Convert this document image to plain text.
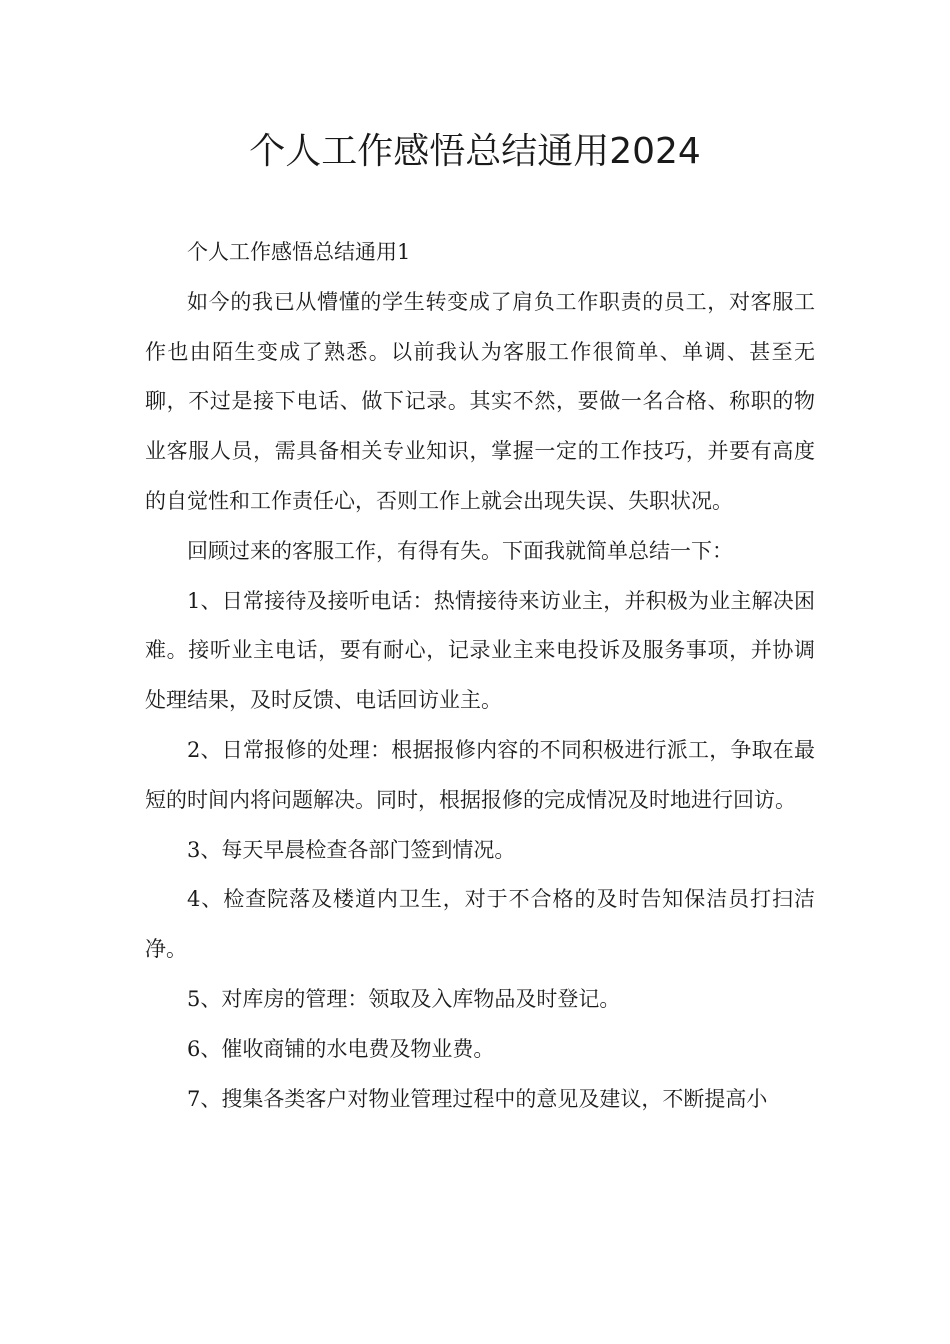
个人工作感悟总结通用2024

个人工作感悟总结通用1

如今的我已从懵懂的学生转变成了肩负工作职责的员工，对客服工作也由陌生变成了熟悉。以前我认为客服工作很简单、单调、甚至无聊，不过是接下电话、做下记录。其实不然，要做一名合格、称职的物业客服人员，需具备相关专业知识，掌握一定的工作技巧，并要有高度的自觉性和工作责任心，否则工作上就会出现失误、失职状况。

回顾过来的客服工作，有得有失。下面我就简单总结一下：

1、日常接待及接听电话：热情接待来访业主，并积极为业主解决困难。接听业主电话，要有耐心，记录业主来电投诉及服务事项，并协调处理结果，及时反馈、电话回访业主。

2、日常报修的处理：根据报修内容的不同积极进行派工，争取在最短的时间内将问题解决。同时，根据报修的完成情况及时地进行回访。

3、每天早晨检查各部门签到情况。

4、检查院落及楼道内卫生，对于不合格的及时告知保洁员打扫洁净。

5、对库房的管理：领取及入库物品及时登记。

6、催收商铺的水电费及物业费。

7、搜集各类客户对物业管理过程中的意见及建议，不断提高小
